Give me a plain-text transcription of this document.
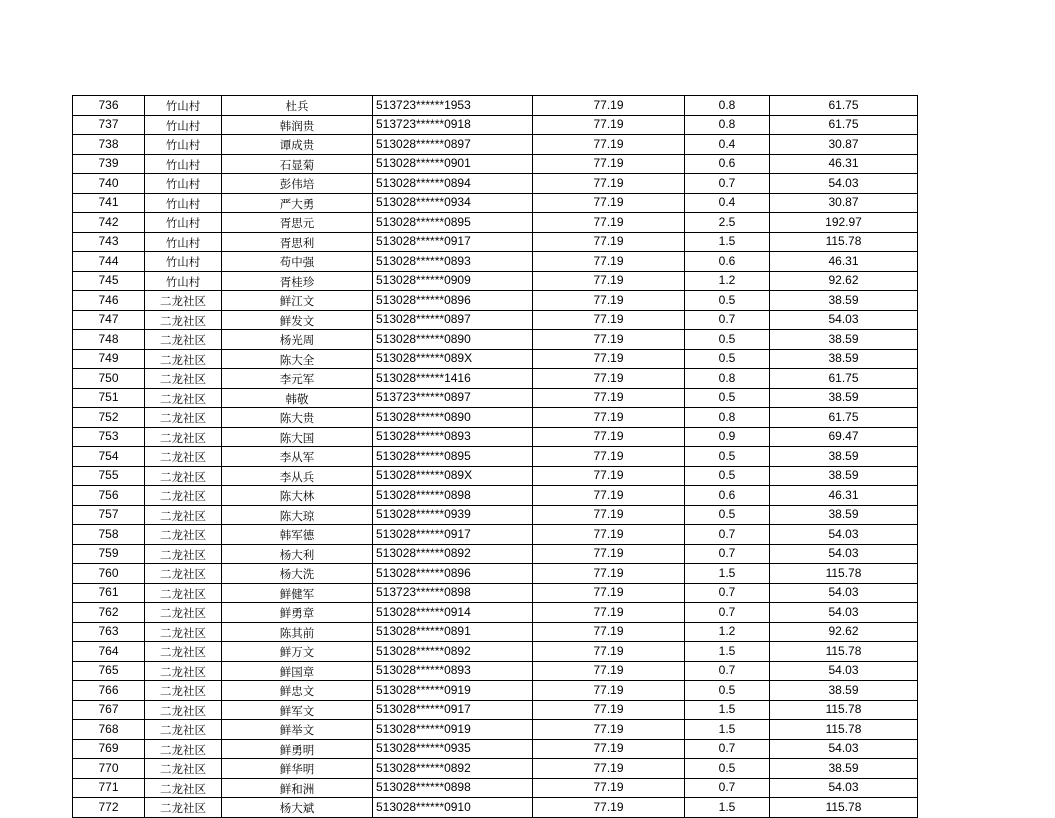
736	竹山村	杜兵	513723******1953	77.19	0.8	61.75
737	竹山村	韩润贵	513723******0918	77.19	0.8	61.75
738	竹山村	谭成贵	513028******0897	77.19	0.4	30.87
739	竹山村	石显菊	513028******0901	77.19	0.6	46.31
740	竹山村	彭伟培	513028******0894	77.19	0.7	54.03
741	竹山村	严大勇	513028******0934	77.19	0.4	30.87
742	竹山村	胥思元	513028******0895	77.19	2.5	192.97
743	竹山村	胥思利	513028******0917	77.19	1.5	115.78
744	竹山村	苟中强	513028******0893	77.19	0.6	46.31
745	竹山村	胥桂珍	513028******0909	77.19	1.2	92.62
746	二龙社区	鲜江文	513028******0896	77.19	0.5	38.59
747	二龙社区	鲜发文	513028******0897	77.19	0.7	54.03
748	二龙社区	杨光周	513028******0890	77.19	0.5	38.59
749	二龙社区	陈大全	513028******089X	77.19	0.5	38.59
750	二龙社区	李元军	513028******1416	77.19	0.8	61.75
751	二龙社区	韩敬	513723******0897	77.19	0.5	38.59
752	二龙社区	陈大贵	513028******0890	77.19	0.8	61.75
753	二龙社区	陈大国	513028******0893	77.19	0.9	69.47
754	二龙社区	李从军	513028******0895	77.19	0.5	38.59
755	二龙社区	李从兵	513028******089X	77.19	0.5	38.59
756	二龙社区	陈大林	513028******0898	77.19	0.6	46.31
757	二龙社区	陈大琼	513028******0939	77.19	0.5	38.59
758	二龙社区	韩军德	513028******0917	77.19	0.7	54.03
759	二龙社区	杨大利	513028******0892	77.19	0.7	54.03
760	二龙社区	杨大洗	513028******0896	77.19	1.5	115.78
761	二龙社区	鲜健军	513723******0898	77.19	0.7	54.03
762	二龙社区	鲜勇章	513028******0914	77.19	0.7	54.03
763	二龙社区	陈其前	513028******0891	77.19	1.2	92.62
764	二龙社区	鲜万文	513028******0892	77.19	1.5	115.78
765	二龙社区	鲜国章	513028******0893	77.19	0.7	54.03
766	二龙社区	鲜忠文	513028******0919	77.19	0.5	38.59
767	二龙社区	鲜军文	513028******0917	77.19	1.5	115.78
768	二龙社区	鲜举文	513028******0919	77.19	1.5	115.78
769	二龙社区	鲜勇明	513028******0935	77.19	0.7	54.03
770	二龙社区	鲜华明	513028******0892	77.19	0.5	38.59
771	二龙社区	鲜和洲	513028******0898	77.19	0.7	54.03
772	二龙社区	杨大斌	513028******0910	77.19	1.5	115.78
